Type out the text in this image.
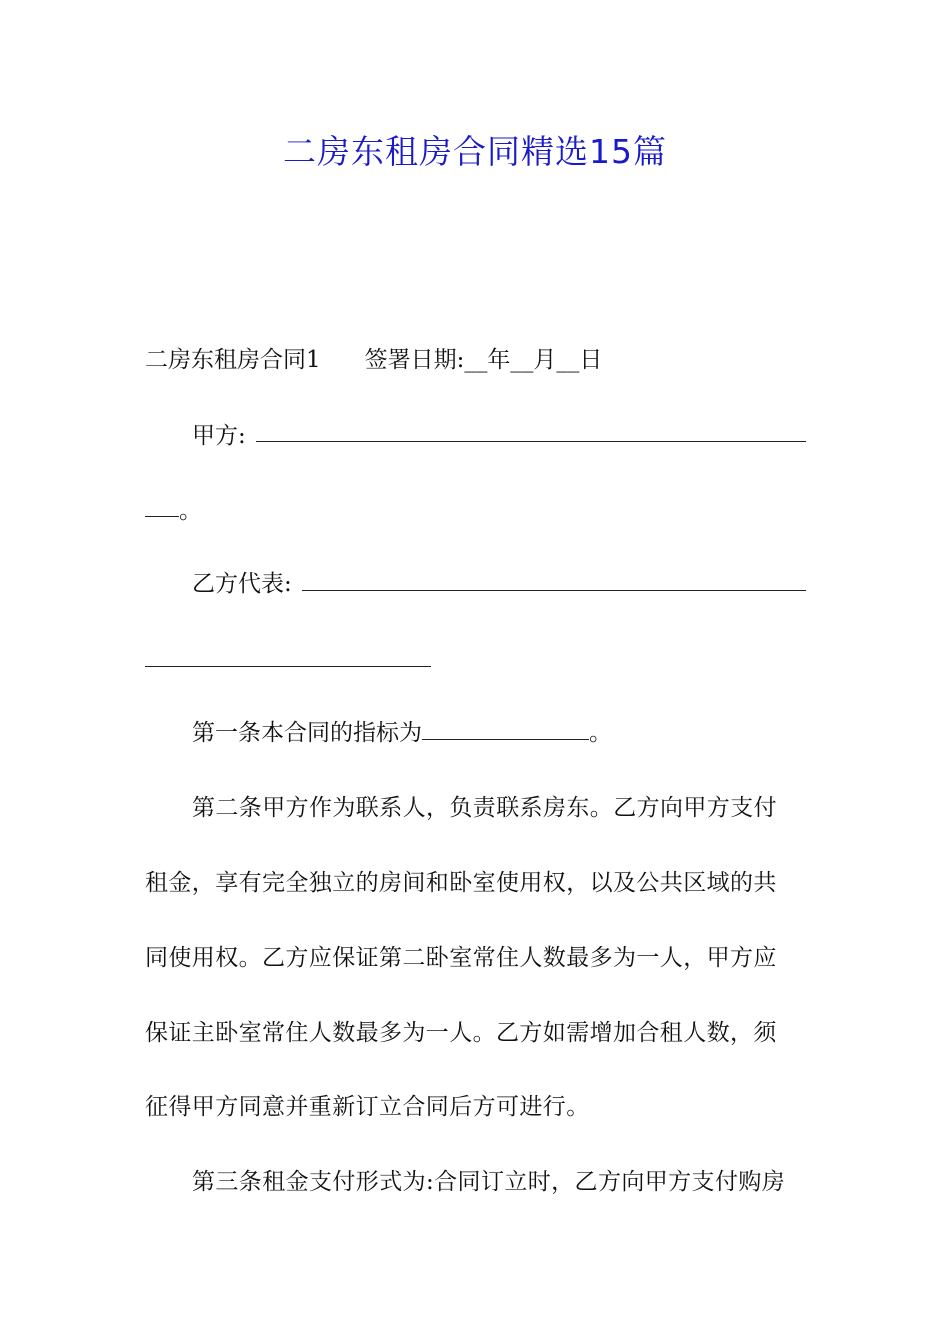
二房东租房合同精选15篇
二房东租房合同1 签署日期:__年__月__日
甲方:
。
乙方代表:
第一条本合同的指标为	。
第二条甲方作为联系人，负责联系房东。乙方向甲方支付
租金，享有完全独立的房间和卧室使用权，以及公共区域的共
同使用权。乙方应保证第二卧室常住人数最多为一人，甲方应
保证主卧室常住人数最多为一人。乙方如需增加合租人数，须
征得甲方同意并重新订立合同后方可进行。
第三条租金支付形式为:合同订立时，乙方向甲方支付购房
